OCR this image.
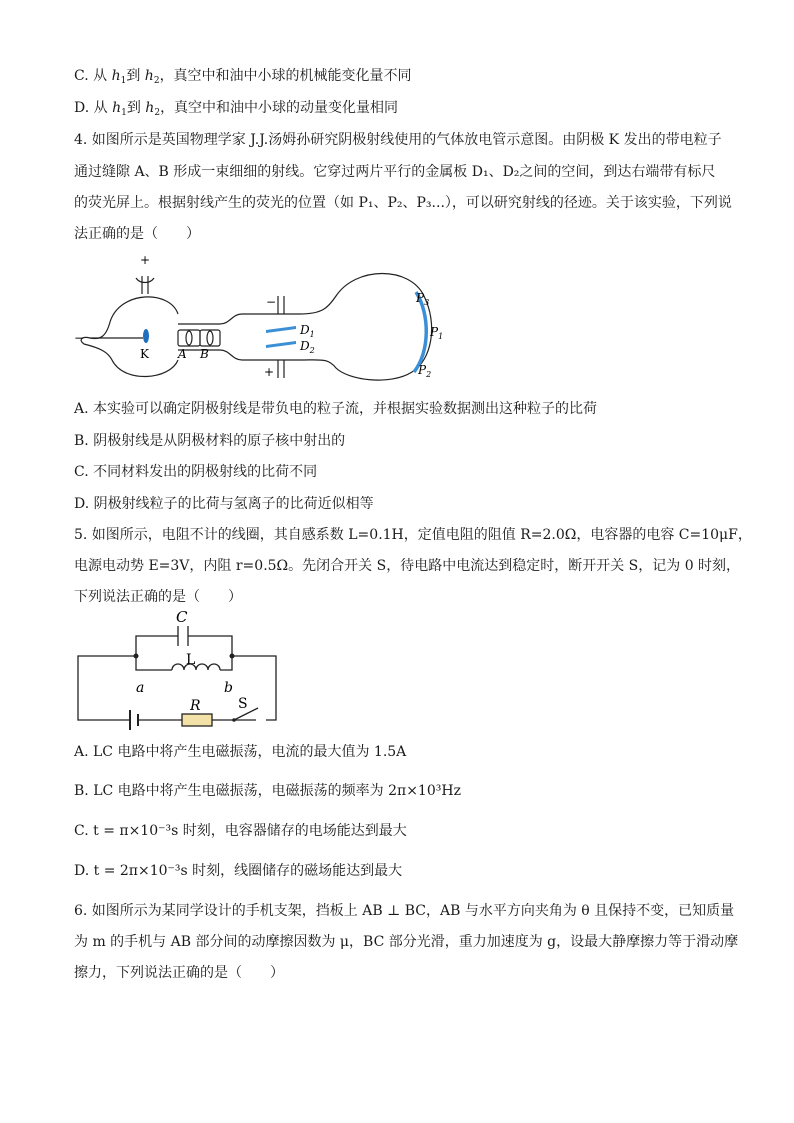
C. 从 $h_1$到 $h_2$，真空中和油中小球的机械能变化量不同
D. 从 $h_1$到 $h_2$，真空中和油中小球的动量变化量相同
4. 如图所示是英国物理学家 J.J.汤姆孙研究阴极射线使用的气体放电管示意图。由阴极 K 发出的带电粒子
通过缝隙 A、B 形成一束细细的射线。它穿过两片平行的金属板 D₁、D₂之间的空间，到达右端带有标尺
的荧光屏上。根据射线产生的荧光的位置（如 P₁、P₂、P₃...），可以研究射线的径迹。关于该实验，下列说
法正确的是（　　）
+
−
K A B
−
+
$D_1$
$D_2$
$P_3$
$P_1$
$P_2$
A. 本实验可以确定阴极射线是带负电的粒子流，并根据实验数据测出这种粒子的比荷
B. 阴极射线是从阴极材料的原子核中射出的
C. 不同材料发出的阴极射线的比荷不同
D. 阴极射线粒子的比荷与氢离子的比荷近似相等
5. 如图所示，电阻不计的线圈，其自感系数 L=0.1H，定值电阻的阻值 R=2.0Ω，电容器的电容 C=10μF，
电源电动势 E=3V，内阻 r=0.5Ω。先闭合开关 S，待电路中电流达到稳定时，断开开关 S，记为 0 时刻，
下列说法正确的是（　　）
C
L
a	b
R	S
A. LC 电路中将产生电磁振荡，电流的最大值为 1.5A
B. LC 电路中将产生电磁振荡，电磁振荡的频率为 2π×10³Hz
C. t = π×10⁻³s 时刻，电容器储存的电场能达到最大
D. t = 2π×10⁻³s 时刻，线圈储存的磁场能达到最大
6. 如图所示为某同学设计的手机支架，挡板上 AB ⊥ BC，AB 与水平方向夹角为 θ 且保持不变，已知质量
为 m 的手机与 AB 部分间的动摩擦因数为 μ，BC 部分光滑，重力加速度为 g，设最大静摩擦力等于滑动摩
擦力，下列说法正确的是（　　）
